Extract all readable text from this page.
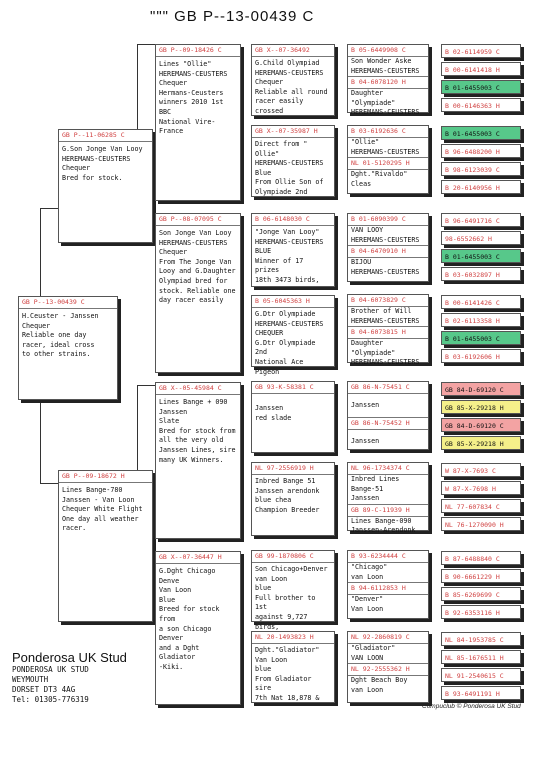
""" GB P--13-00439 C
GB P--13-00439 C
H.Ceuster - Janssen
Chequer
Reliable one day
racer, ideal cross
to other strains.
GB P--11-06285 C
G.Son Jonge Van Looy
HEREMANS-CEUSTERS
Chequer
Bred for stock.
GB P--09-18672 H
Lines Bange-780
Janssen - Van Loon
Chequer White Flight
One day all weather
racer.
GB P--09-18426 C
Lines "Ollie"
HEREMANS-CEUSTERS
Chequer
Hermans-Ceusters
winners 2010 1st BBC
National Vire-France
GB P--08-07095 C
Son Jonge Van Looy
HEREMANS-CEUSTERS
Chequer
From The Jonge Van
Looy and G.Daughter
Olympiad bred for
stock. Reliable one
day racer easily
GB X--05-45984 C
Lines Bange + 090
Janssen
Slate
Bred for stock from
all the very old
Janssen Lines, sire
many UK Winners.
GB X--07-36447 H
G.Dght Chicago Denve
Van Loon
Blue
Breed for stock from
a son Chicago Denver
and a Dght Gladiator
-Kiki.
GB X--07-36492
G.Child Olympiad
HEREMANS-CEUSTERS
Chequer
Reliable all round
racer easily crossed
GB X--07-35987 H
Direct from " Ollie"
HEREMANS-CEUSTERS
Blue
From Ollie Son of
Olympiade 2nd
B 06-6148030 C
"Jonge Van Looy"
HEREMANS-CEUSTERS
BLUE
Winner of 17 prizes
18th 3473 birds,
B 05-6045363 H
G.Dtr Olympiade
HEREMANS-CEUSTERS
CHEQUER
G.Dtr Olympiade 2nd
National Ace Pigeon
GB 93-K-58381 C
Janssen
red slade
NL 97-2556919 H
Inbred Bange 51
Janssen arendonk
blue chea
Champion Breeder
GB 99-1870806 C
Son Chicago+Denver
van Loon
blue
Full brother to 1st
against 9,727 birds,
NL 20-1493823 H
Dght."Gladiator"
Van Loon
blue
From Gladiator sire
7th Nat 18,878 &
B 05-6449908 C
Son Wonder Aske
HEREMANS-CEUSTERS
B 04-6078120 H
Daughter "Olympiade"
HEREMANS-CEUSTERS
B 03-6192636 C
"Ollie"
HEREMANS-CEUSTERS
NL 01-5120295 H
Dght."Rivaldo"
Cleas
B 01-6090399 C
VAN LOOY
HEREMANS-CEUSTERS
B 04-6470910 H
BIJOU
HEREMANS-CEUSTERS
B 04-6073829 C
Brother of Will
HEREMANS-CEUSTERS
B 04-6073815 H
Daughter "Olympiade"
HEREMANS-CEUSTERS
GB 86-N-75451 C
Janssen
GB 86-N-75452 H
Janssen
NL 96-1734374 C
Inbred Lines Bange-51
Janssen
GB 89-C-11939 H
Lines Bange-090
Janssen-Arendonk
B 93-6234444 C
"Chicago"
van Loon
B 94-6112853 H
"Denver"
Van Loon
NL 92-2860819 C
"Gladiator"
VAN LOON
NL 92-2555362 H
Dght Beach Boy
van Loon
B 02-6114959 C
B 00-6141418 H
B 01-6455003 C
B 00-6146363 H
B 01-6455003 C
B 96-6488200 H
B 98-6123039 C
B 20-6140956 H
B 96-6491716 C
98-6552662 H
B 01-6455003 C
B 03-6032897 H
B 00-6141426 C
B 02-6113358 H
B 01-6455003 C
B 03-6192606 H
GB 84-D-69120 C
GB 85-X-29218 H
GB 84-D-69120 C
GB 85-X-29218 H
W 87-X-7693 C
W 87-X-7698 H
NL 77-607834 C
NL 76-1270090 H
B 87-6488840 C
B 90-6661229 H
B 85-6269699 C
B 92-6353116 H
NL 84-1953785 C
NL 85-1676511 H
NL 91-2540615 C
B 93-6491191 H
Ponderosa UK Stud
PONDEROSA UK STUD
WEYMOUTH
DORSET DT3 4AG
Tel: 01305-776319
Compuclub © Ponderosa UK Stud
